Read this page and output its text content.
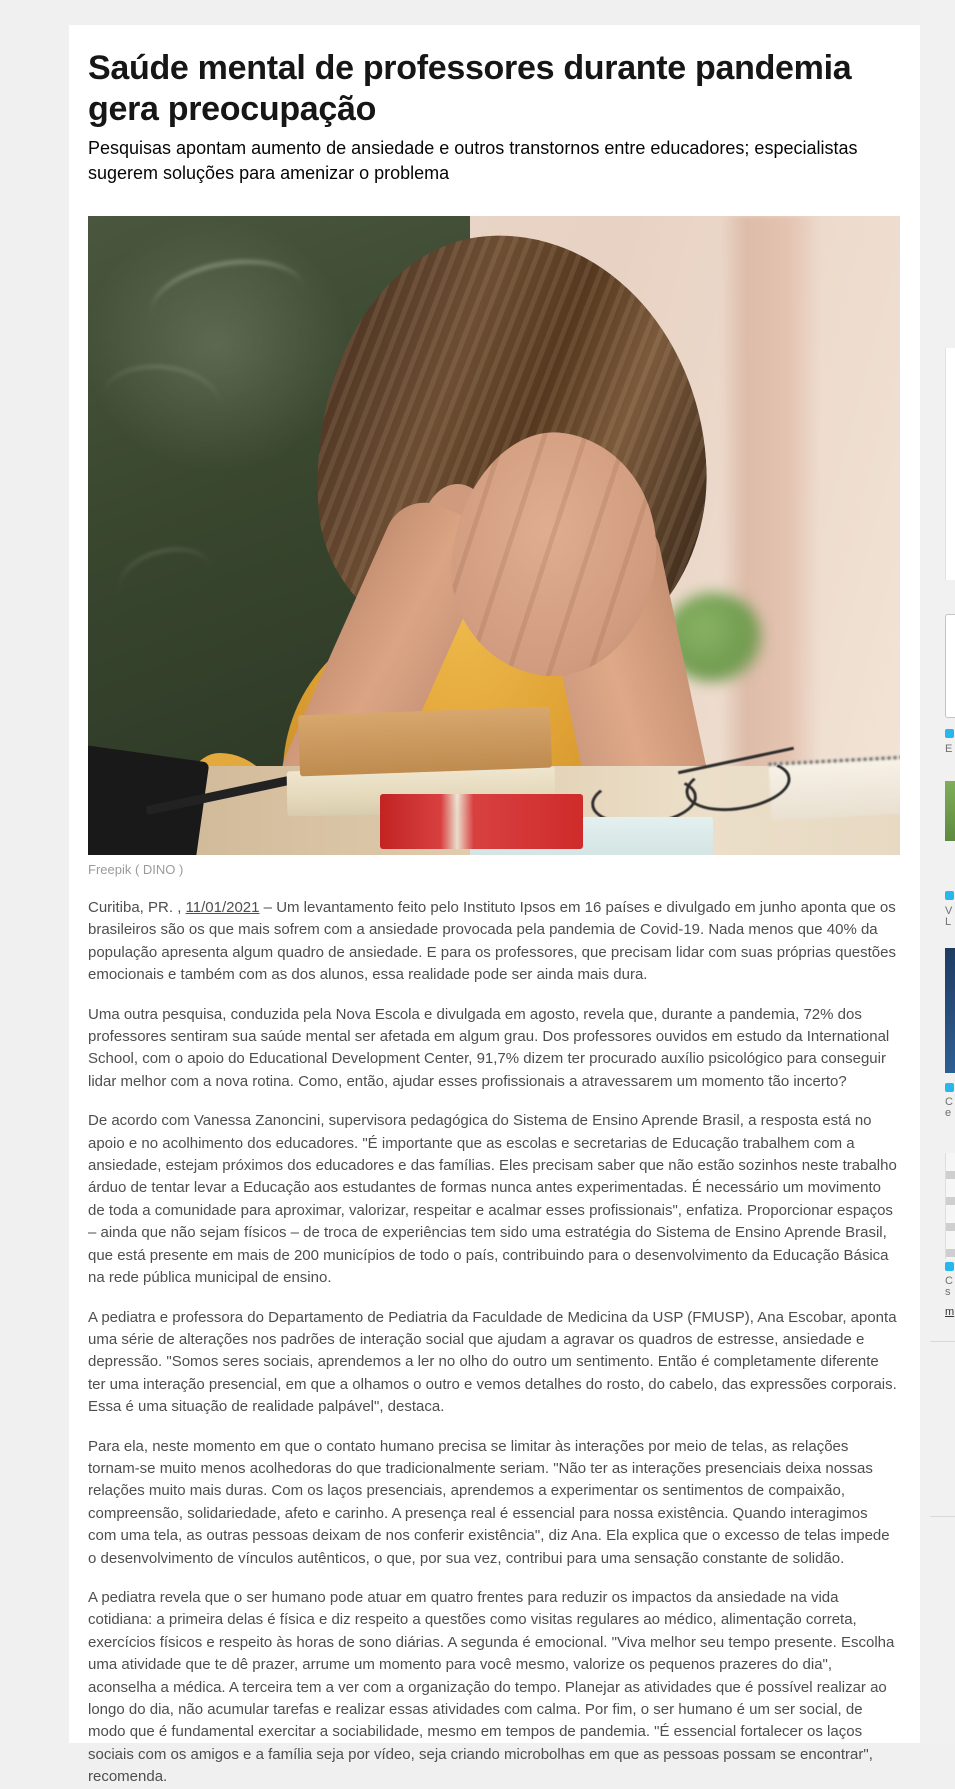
Saúde mental de professores durante pandemia gera preocupação

Pesquisas apontam aumento de ansiedade e outros transtornos entre educadores; especialistas sugerem soluções para amenizar o problema

Freepik ( DINO )

Curitiba, PR. , 11/01/2021 – Um levantamento feito pelo Instituto Ipsos em 16 países e divulgado em junho aponta que os brasileiros são os que mais sofrem com a ansiedade provocada pela pandemia de Covid-19. Nada menos que 40% da população apresenta algum quadro de ansiedade. E para os professores, que precisam lidar com suas próprias questões emocionais e também com as dos alunos, essa realidade pode ser ainda mais dura.

Uma outra pesquisa, conduzida pela Nova Escola e divulgada em agosto, revela que, durante a pandemia, 72% dos professores sentiram sua saúde mental ser afetada em algum grau. Dos professores ouvidos em estudo da International School, com o apoio do Educational Development Center, 91,7% dizem ter procurado auxílio psicológico para conseguir lidar melhor com a nova rotina. Como, então, ajudar esses profissionais a atravessarem um momento tão incerto?

De acordo com Vanessa Zanoncini, supervisora pedagógica do Sistema de Ensino Aprende Brasil, a resposta está no apoio e no acolhimento dos educadores. "É importante que as escolas e secretarias de Educação trabalhem com a ansiedade, estejam próximos dos educadores e das famílias. Eles precisam saber que não estão sozinhos neste trabalho árduo de tentar levar a Educação aos estudantes de formas nunca antes experimentadas. É necessário um movimento de toda a comunidade para aproximar, valorizar, respeitar e acalmar esses profissionais", enfatiza. Proporcionar espaços – ainda que não sejam físicos – de troca de experiências tem sido uma estratégia do Sistema de Ensino Aprende Brasil, que está presente em mais de 200 municípios de todo o país, contribuindo para o desenvolvimento da Educação Básica na rede pública municipal de ensino.

A pediatra e professora do Departamento de Pediatria da Faculdade de Medicina da USP (FMUSP), Ana Escobar, aponta uma série de alterações nos padrões de interação social que ajudam a agravar os quadros de estresse, ansiedade e depressão. "Somos seres sociais, aprendemos a ler no olho do outro um sentimento. Então é completamente diferente ter uma interação presencial, em que a olhamos o outro e vemos detalhes do rosto, do cabelo, das expressões corporais. Essa é uma situação de realidade palpável", destaca.

Para ela, neste momento em que o contato humano precisa se limitar às interações por meio de telas, as relações tornam-se muito menos acolhedoras do que tradicionalmente seriam. "Não ter as interações presenciais deixa nossas relações muito mais duras. Com os laços presenciais, aprendemos a experimentar os sentimentos de compaixão, compreensão, solidariedade, afeto e carinho. A presença real é essencial para nossa existência. Quando interagimos com uma tela, as outras pessoas deixam de nos conferir existência", diz Ana. Ela explica que o excesso de telas impede o desenvolvimento de vínculos autênticos, o que, por sua vez, contribui para uma sensação constante de solidão.

A pediatra revela que o ser humano pode atuar em quatro frentes para reduzir os impactos da ansiedade na vida cotidiana: a primeira delas é física e diz respeito a questões como visitas regulares ao médico, alimentação correta, exercícios físicos e respeito às horas de sono diárias. A segunda é emocional. "Viva melhor seu tempo presente. Escolha uma atividade que te dê prazer, arrume um momento para você mesmo, valorize os pequenos prazeres do dia", aconselha a médica. A terceira tem a ver com a organização do tempo. Planejar as atividades que é possível realizar ao longo do dia, não acumular tarefas e realizar essas atividades com calma. Por fim, o ser humano é um ser social, de modo que é fundamental exercitar a sociabilidade, mesmo em tempos de pandemia. "É essencial fortalecer os laços sociais com os amigos e a família seja por vídeo, seja criando microbolhas em que as pessoas possam se encontrar", recomenda.

E
V
L
C
e
C
s
m
